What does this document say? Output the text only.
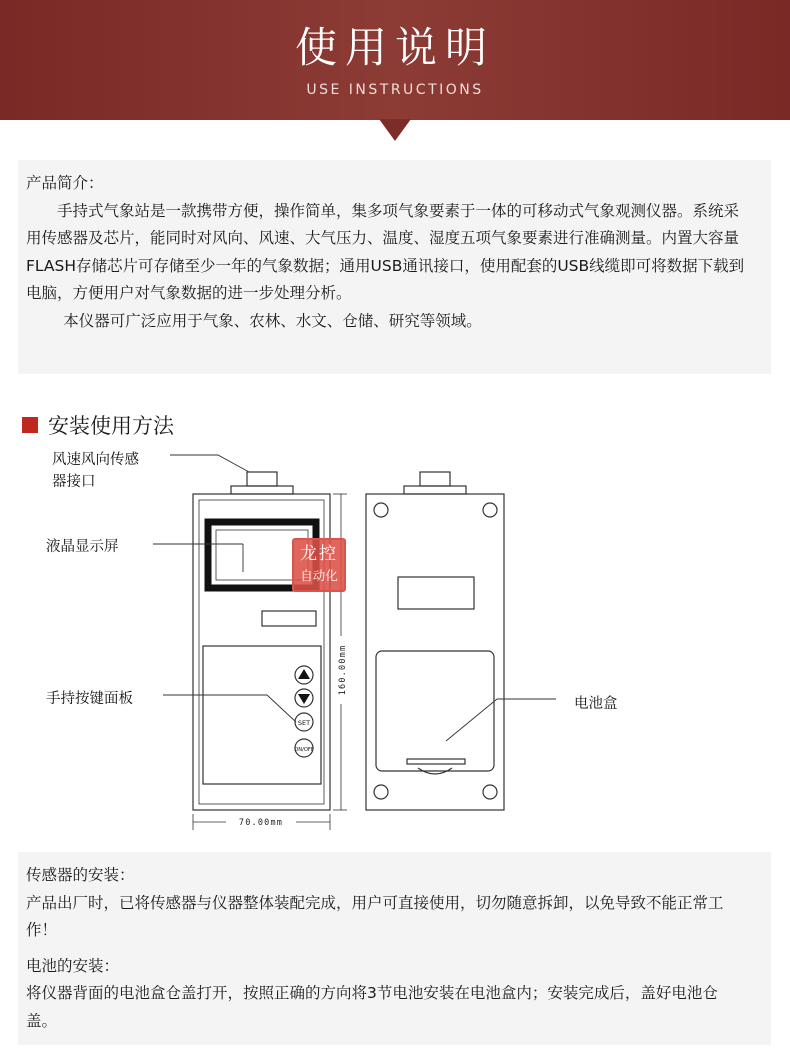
使用说明
USE INSTRUCTIONS
产品简介：
手持式气象站是一款携带方便，操作简单，集多项气象要素于一体的可移动式气象观测仪器。系统采用传感器及芯片，能同时对风向、风速、大气压力、温度、湿度五项气象要素进行准确测量。内置大容量FLASH存储芯片可存储至少一年的气象数据；通用USB通讯接口，使用配套的USB线缆即可将数据下载到电脑，方便用户对气象数据的进一步处理分析。
本仪器可广泛应用于气象、农林、水文、仓储、研究等领域。
安装使用方法
SET
ON/OFF
160.00mm
70.00mm
风速风向传感
器接口
液晶显示屏
手持按键面板	电池盒
龙控
自动化
传感器的安装：
产品出厂时，已将传感器与仪器整体装配完成，用户可直接使用，切勿随意拆卸，以免导致不能正常工作！
电池的安装：
将仪器背面的电池盒仓盖打开，按照正确的方向将3节电池安装在电池盒内；安装完成后，盖好电池仓盖。
